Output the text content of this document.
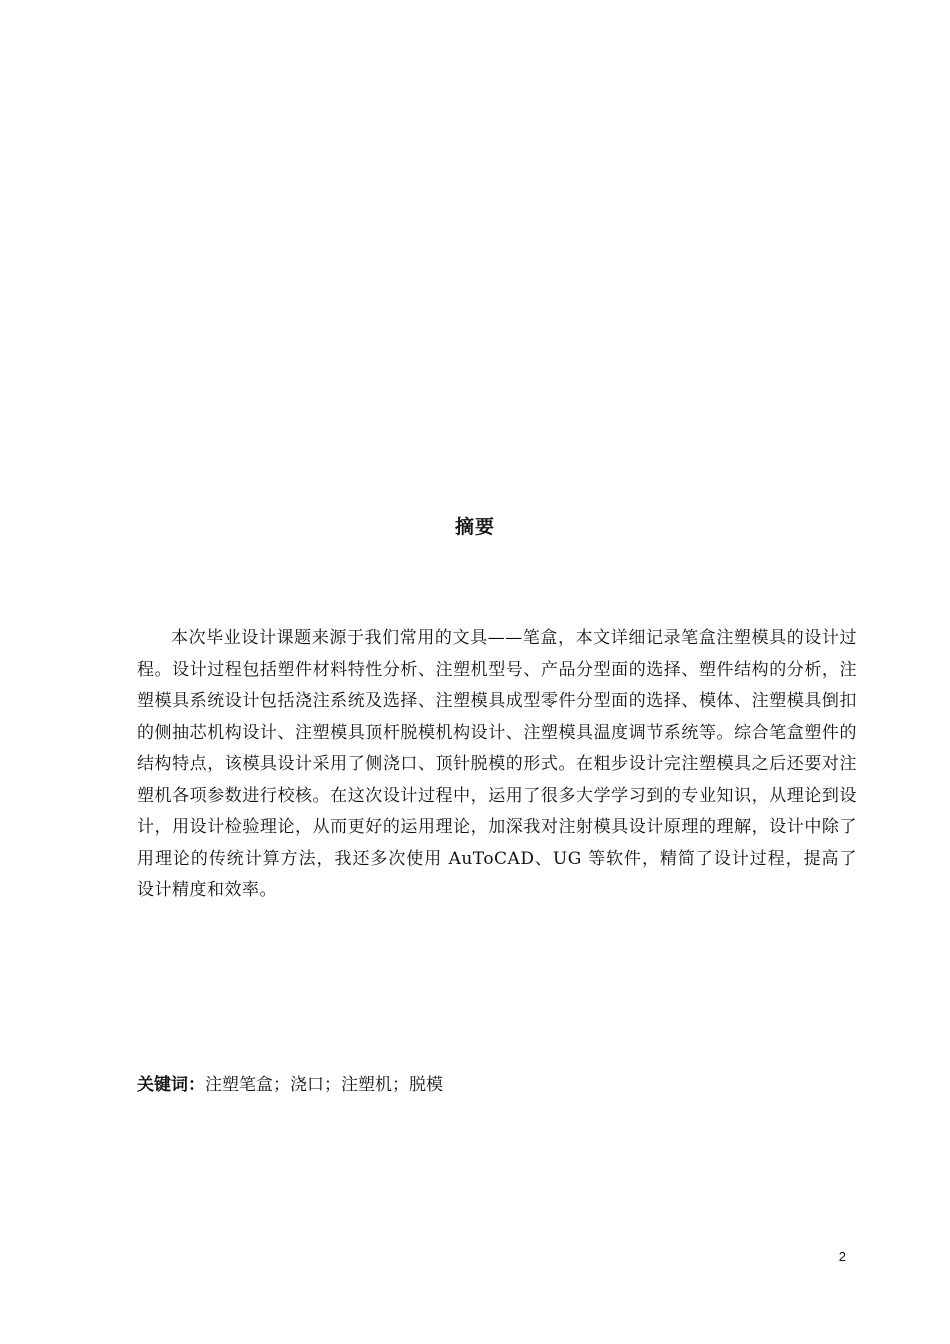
摘要

本次毕业设计课题来源于我们常用的文具——笔盒，本文详细记录笔盒注塑模具的设计过程。设计过程包括塑件材料特性分析、注塑机型号、产品分型面的选择、塑件结构的分析，注塑模具系统设计包括浇注系统及选择、注塑模具成型零件分型面的选择、模体、注塑模具倒扣的侧抽芯机构设计、注塑模具顶杆脱模机构设计、注塑模具温度调节系统等。综合笔盒塑件的结构特点，该模具设计采用了侧浇口、顶针脱模的形式。在粗步设计完注塑模具之后还要对注塑机各项参数进行校核。在这次设计过程中，运用了很多大学学习到的专业知识，从理论到设计，用设计检验理论，从而更好的运用理论，加深我对注射模具设计原理的理解，设计中除了用理论的传统计算方法，我还多次使用 AuToCAD、UG 等软件，精简了设计过程，提高了设计精度和效率。

关键词：注塑笔盒；浇口；注塑机；脱模
2
